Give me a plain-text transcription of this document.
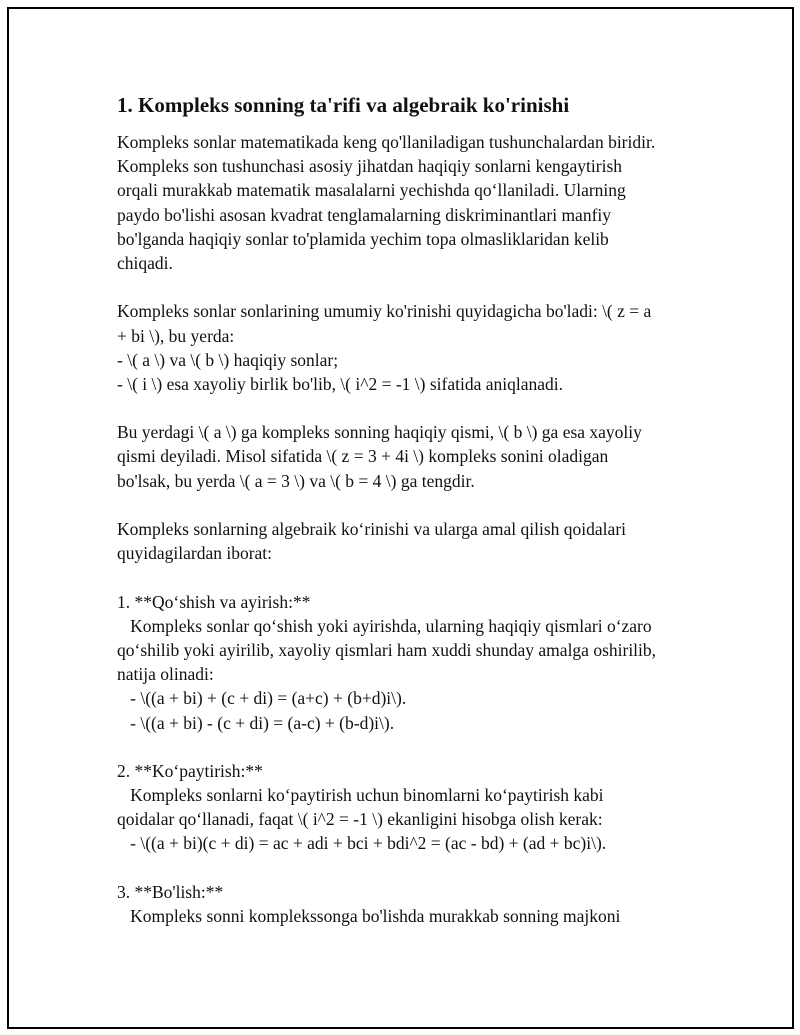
1. Kompleks sonning ta'rifi va algebraik ko'rinishi
Kompleks sonlar matematikada keng qo'llaniladigan tushunchalardan biridir.
Kompleks son tushunchasi asosiy jihatdan haqiqiy sonlarni kengaytirish
orqali murakkab matematik masalalarni yechishda qo‘llaniladi. Ularning
paydo bo'lishi asosan kvadrat tenglamalarning diskriminantlari manfiy
bo'lganda haqiqiy sonlar to'plamida yechim topa olmasliklaridan kelib
chiqadi.
Kompleks sonlar sonlarining umumiy ko'rinishi quyidagicha bo'ladi: \( z = a
+ bi \), bu yerda:
- \( a \) va \( b \) haqiqiy sonlar;
- \( i \) esa xayoliy birlik bo'lib, \( i^2 = -1 \) sifatida aniqlanadi.
Bu yerdagi \( a \) ga kompleks sonning haqiqiy qismi, \( b \) ga esa xayoliy
qismi deyiladi. Misol sifatida \( z = 3 + 4i \) kompleks sonini oladigan
bo'lsak, bu yerda \( a = 3 \) va \( b = 4 \) ga tengdir.
Kompleks sonlarning algebraik ko‘rinishi va ularga amal qilish qoidalari
quyidagilardan iborat:
1. **Qo‘shish va ayirish:**
Kompleks sonlar qo‘shish yoki ayirishda, ularning haqiqiy qismlari o‘zaro
qo‘shilib yoki ayirilib, xayoliy qismlari ham xuddi shunday amalga oshirilib,
natija olinadi:
- \((a + bi) + (c + di) = (a+c) + (b+d)i\).
- \((a + bi) - (c + di) = (a-c) + (b-d)i\).
2. **Ko‘paytirish:**
Kompleks sonlarni ko‘paytirish uchun binomlarni ko‘paytirish kabi
qoidalar qo‘llanadi, faqat \( i^2 = -1 \) ekanligini hisobga olish kerak:
- \((a + bi)(c + di) = ac + adi + bci + bdi^2 = (ac - bd) + (ad + bc)i\).
3. **Bo'lish:**
Kompleks sonni komplekssonga bo'lishda murakkab sonning majkoni
